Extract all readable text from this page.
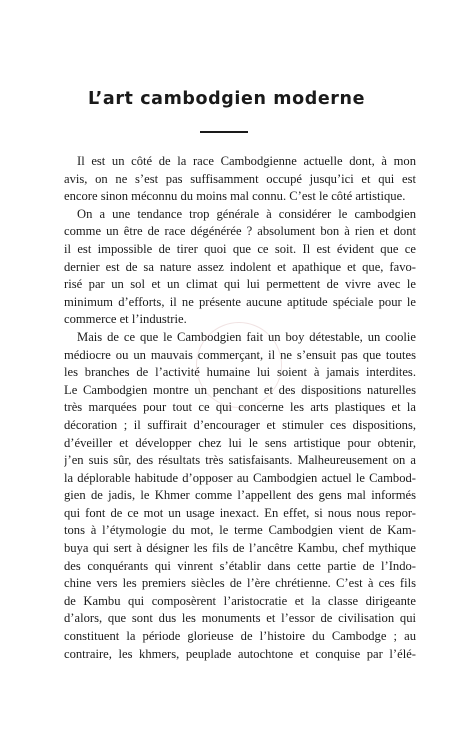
L’art cambodgien moderne
Il est un côté de la race Cambodgienne actuelle dont, à mon
avis, on ne s’est pas suffisamment occupé jusqu’ici et qui est
encore sinon méconnu du moins mal connu. C’est le côté artistique.
On a une tendance trop générale à considérer le cambodgien
comme un être de race dégénérée ? absolument bon à rien et dont
il est impossible de tirer quoi que ce soit. Il est évident que ce
dernier est de sa nature assez indolent et apathique et que, favo-
risé par un sol et un climat qui lui permettent de vivre avec le
minimum d’efforts, il ne présente aucune aptitude spéciale pour le
commerce et l’industrie.
Mais de ce que le Cambodgien fait un boy détestable, un coolie
médiocre ou un mauvais commerçant, il ne s’ensuit pas que toutes
les branches de l’activité humaine lui soient à jamais interdites.
Le Cambodgien montre un penchant et des dispositions naturelles
très marquées pour tout ce qui concerne les arts plastiques et la
décoration ; il suffirait d’encourager et stimuler ces dispositions,
d’éveiller et développer chez lui le sens artistique pour obtenir,
j’en suis sûr, des résultats très satisfaisants. Malheureusement on a
la déplorable habitude d’opposer au Cambodgien actuel le Cambod-
gien de jadis, le Khmer comme l’appellent des gens mal informés
qui font de ce mot un usage inexact. En effet, si nous nous repor-
tons à l’étymologie du mot, le terme Cambodgien vient de Kam-
buya qui sert à désigner les fils de l’ancêtre Kambu, chef mythique
des conquérants qui vinrent s’établir dans cette partie de l’Indo-
chine vers les premiers siècles de l’ère chrétienne. C’est à ces fils
de Kambu qui composèrent l’aristocratie et la classe dirigeante
d’alors, que sont dus les monuments et l’essor de civilisation qui
constituent la période glorieuse de l’histoire du Cambodge ; au
contraire, les khmers, peuplade autochtone et conquise par l’élé-
